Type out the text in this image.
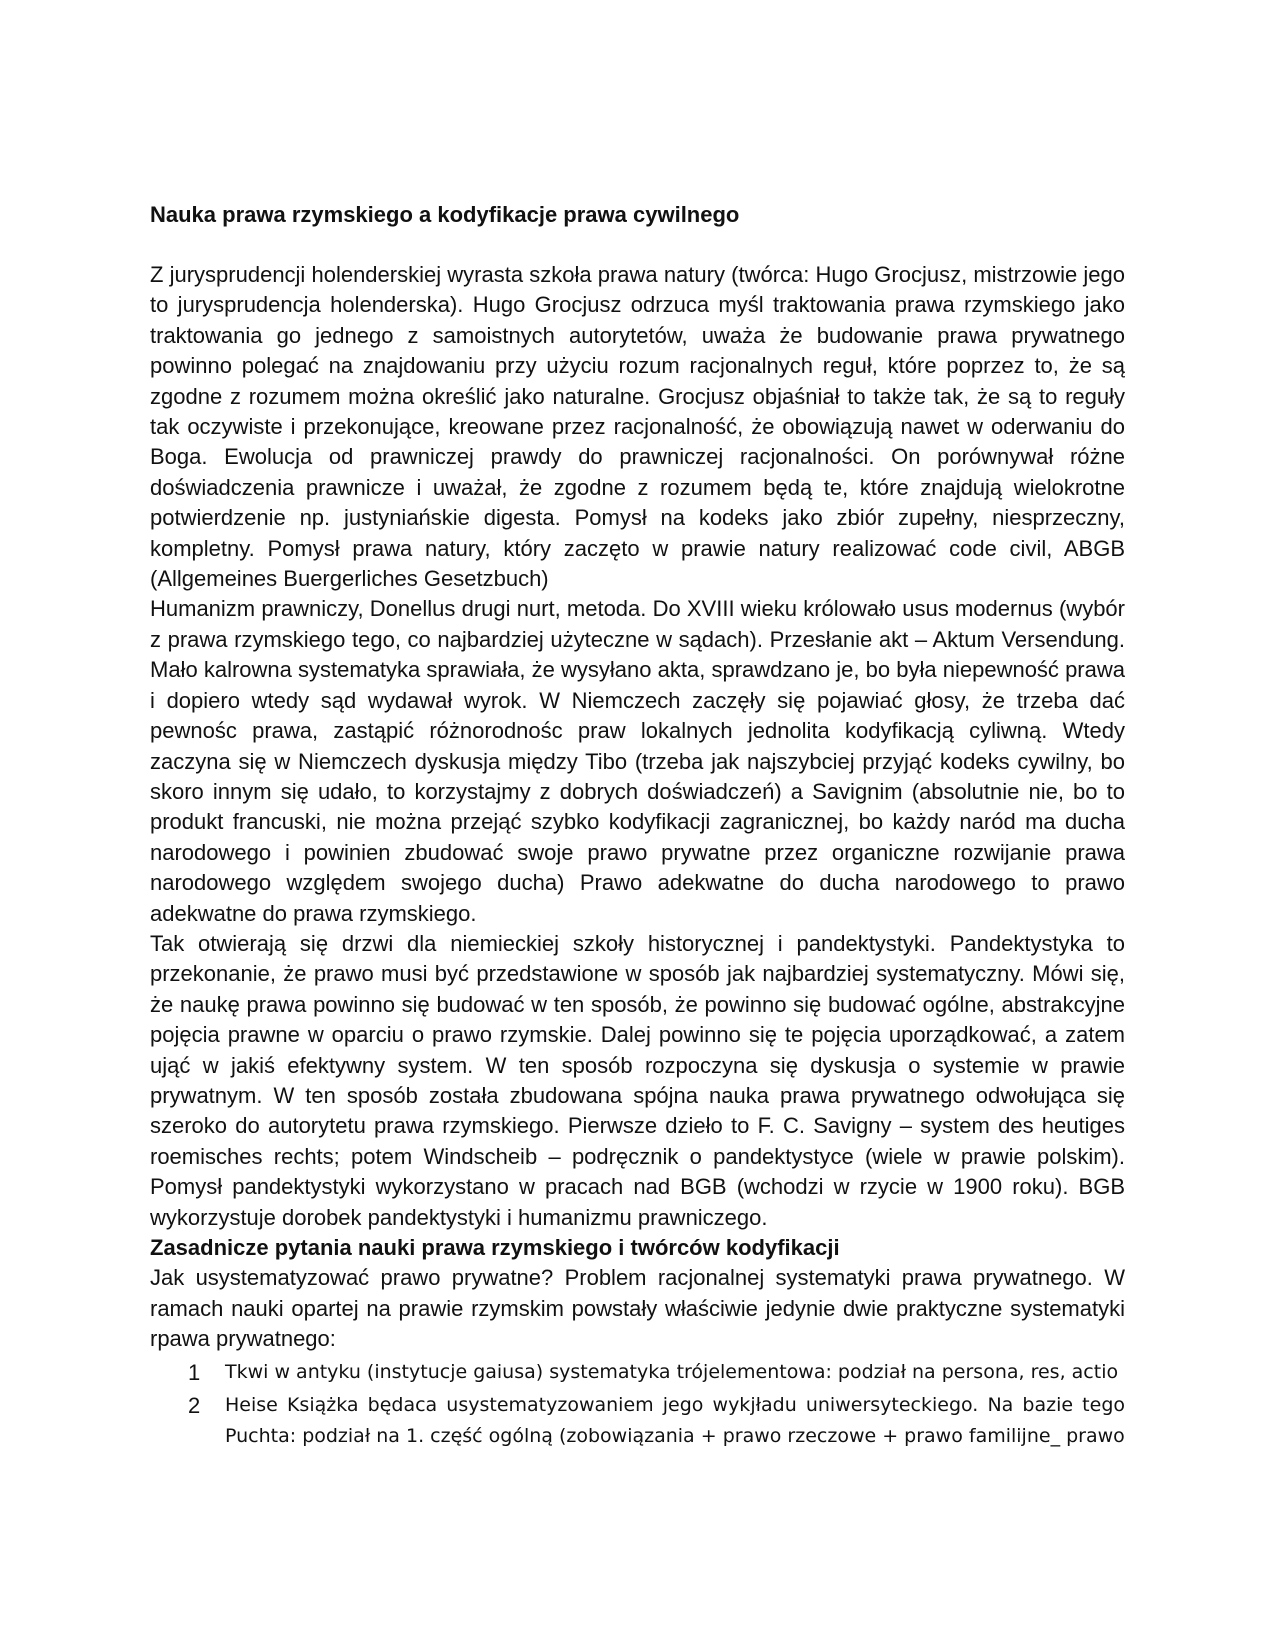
Nauka prawa rzymskiego a kodyfikacje prawa cywilnego

Z jurysprudencji holenderskiej wyrasta szkoła prawa natury (twórca: Hugo Grocjusz, mistrzowie jego to jurysprudencja holenderska). Hugo Grocjusz odrzuca myśl traktowania prawa rzymskiego jako traktowania go jednego z samoistnych autorytetów, uważa że budowanie prawa prywatnego powinno polegać na znajdowaniu przy użyciu rozum racjonalnych reguł, które poprzez to, że są zgodne z rozumem można określić jako naturalne. Grocjusz objaśniał to także tak, że są to reguły tak oczywiste i przekonujące, kreowane przez racjonalność, że obowiązują nawet w oderwaniu do Boga. Ewolucja od prawniczej prawdy do prawniczej racjonalności. On porównywał różne doświadczenia prawnicze i uważał, że zgodne z rozumem będą te, które znajdują wielokrotne potwierdzenie np. justyniańskie digesta. Pomysł na kodeks jako zbiór zupełny, niesprzeczny, kompletny. Pomysł prawa natury, który zaczęto w prawie natury realizować code civil, ABGB (Allgemeines Buergerliches Gesetzbuch)

Humanizm prawniczy, Donellus drugi nurt, metoda. Do XVIII wieku królowało usus modernus (wybór z prawa rzymskiego tego, co najbardziej użyteczne w sądach). Przesłanie akt – Aktum Versendung. Mało kalrowna systematyka sprawiała, że wysyłano akta, sprawdzano je, bo była niepewność prawa i dopiero wtedy sąd wydawał wyrok. W Niemczech zaczęły się pojawiać głosy, że trzeba dać pewnośc prawa, zastąpić różnorodnośc praw lokalnych jednolita kodyfikacją cyliwną. Wtedy zaczyna się w Niemczech dyskusja między Tibo (trzeba jak najszybciej przyjąć kodeks cywilny, bo skoro innym się udało, to korzystajmy z dobrych doświadczeń) a Savignim (absolutnie nie, bo to produkt francuski, nie można przejąć szybko kodyfikacji zagranicznej, bo każdy naród ma ducha narodowego i powinien zbudować swoje prawo prywatne przez organiczne rozwijanie prawa narodowego względem swojego ducha) Prawo adekwatne do ducha narodowego to prawo adekwatne do prawa rzymskiego.

Tak otwierają się drzwi dla niemieckiej szkoły historycznej i pandektystyki. Pandektystyka to przekonanie, że prawo musi być przedstawione w sposób jak najbardziej systematyczny. Mówi się, że naukę prawa powinno się budować w ten sposób, że powinno się budować ogólne, abstrakcyjne pojęcia prawne w oparciu o prawo rzymskie. Dalej powinno się te pojęcia uporządkować, a zatem ująć w jakiś efektywny system. W ten sposób rozpoczyna się dyskusja o systemie w prawie prywatnym. W ten sposób została zbudowana spójna nauka prawa prywatnego odwołująca się szeroko do autorytetu prawa rzymskiego. Pierwsze dzieło to F. C. Savigny – system des heutiges roemisches rechts; potem Windscheib – podręcznik o pandektystyce (wiele w prawie polskim). Pomysł pandektystyki wykorzystano w pracach nad BGB (wchodzi w rzycie w 1900 roku). BGB wykorzystuje dorobek pandektystyki i humanizmu prawniczego.

Zasadnicze pytania nauki prawa rzymskiego i twórców kodyfikacji

Jak usystematyzować prawo prywatne? Problem racjonalnej systematyki prawa prywatnego. W ramach nauki opartej na prawie rzymskim powstały właściwie jedynie dwie praktyczne systematyki rpawa prywatnego:

1	Tkwi w antyku (instytucje gaiusa) systematyka trójelementowa: podział na persona, res, actio
2	Heise Książka będaca usystematyzowaniem jego wykjładu uniwersyteckiego. Na bazie tego Puchta: podział na 1. część ogólną (zobowiązania + prawo rzeczowe + prawo familijne_ prawo
